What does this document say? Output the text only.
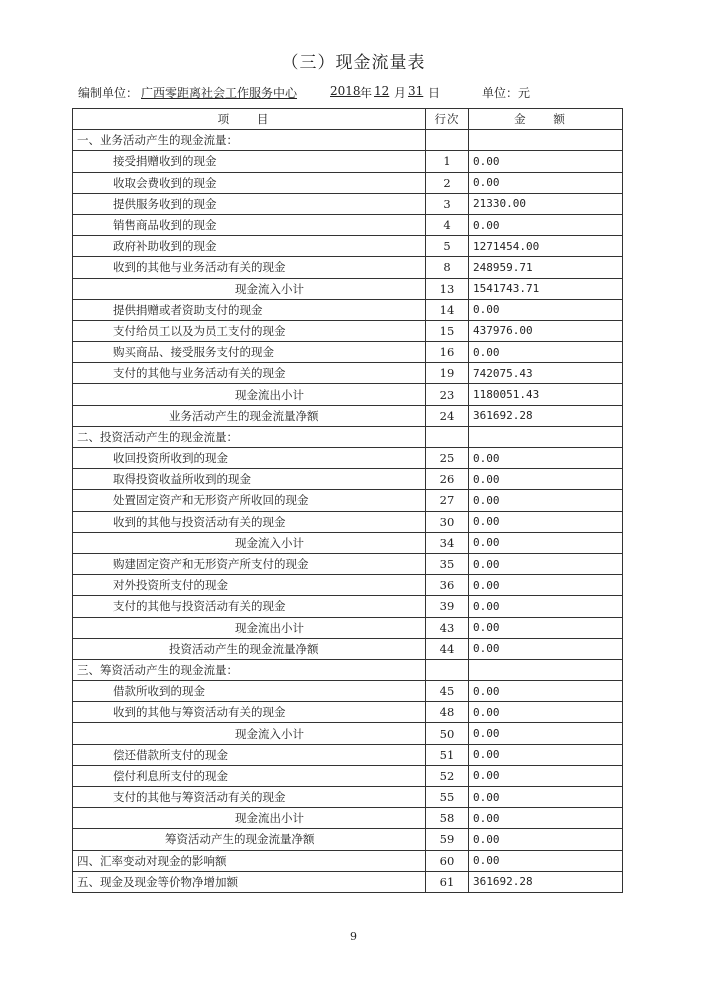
（三）现金流量表
编制单位： 广西零距离社会工作服务中心	2018 年 12 月 31 日	单位：元
项 目	行次	金 额
一、业务活动产生的现金流量：		
接受捐赠收到的现金	1	0.00
收取会费收到的现金	2	0.00
提供服务收到的现金	3	21330.00
销售商品收到的现金	4	0.00
政府补助收到的现金	5	1271454.00
收到的其他与业务活动有关的现金	8	248959.71
现金流入小计	13	1541743.71
提供捐赠或者资助支付的现金	14	0.00
支付给员工以及为员工支付的现金	15	437976.00
购买商品、接受服务支付的现金	16	0.00
支付的其他与业务活动有关的现金	19	742075.43
现金流出小计	23	1180051.43
业务活动产生的现金流量净额	24	361692.28
二、投资活动产生的现金流量：		
收回投资所收到的现金	25	0.00
取得投资收益所收到的现金	26	0.00
处置固定资产和无形资产所收回的现金	27	0.00
收到的其他与投资活动有关的现金	30	0.00
现金流入小计	34	0.00
购建固定资产和无形资产所支付的现金	35	0.00
对外投资所支付的现金	36	0.00
支付的其他与投资活动有关的现金	39	0.00
现金流出小计	43	0.00
投资活动产生的现金流量净额	44	0.00
三、筹资活动产生的现金流量：		
借款所收到的现金	45	0.00
收到的其他与筹资活动有关的现金	48	0.00
现金流入小计	50	0.00
偿还借款所支付的现金	51	0.00
偿付利息所支付的现金	52	0.00
支付的其他与筹资活动有关的现金	55	0.00
现金流出小计	58	0.00
筹资活动产生的现金流量净额	59	0.00
四、汇率变动对现金的影响额	60	0.00
五、现金及现金等价物净增加额	61	361692.28
9
